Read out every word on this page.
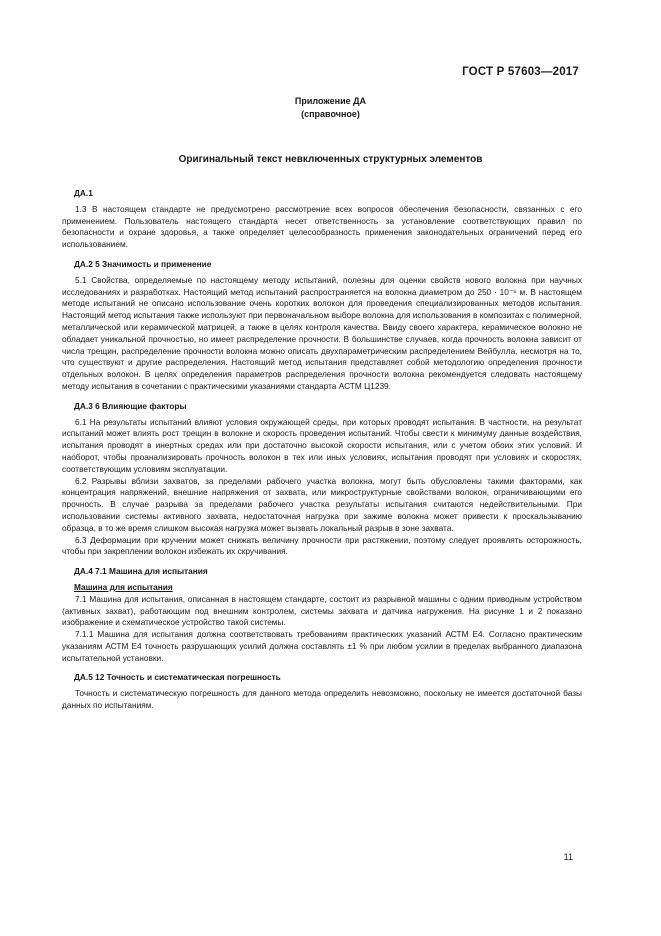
ГОСТ Р 57603—2017
Приложение ДА
(справочное)
Оригинальный текст невключенных структурных элементов
ДА.1

1.3 В настоящем стандарте не предусмотрено рассмотрение всех вопросов обеспечения безопасности, связанных с его применением. Пользователь настоящего стандарта несет ответственность за установление соответствующих правил по безопасности и охране здоровья, а также определяет целесообразность применения законодательных ограничений перед его использованием.

ДА.2 5 Значимость и применение

5.1 Свойства, определяемые по настоящему методу испытаний, полезны для оценки свойств нового волокна при научных исследованиях и разработках. Настоящий метод испытаний распространяется на волокна диаметром до 250 · 10⁻⁶ м. В настоящем методе испытаний не описано использование очень коротких волокон для проведения специализированных методов испытания. Настоящий метод испытания также используют при первоначальном выборе волокна для использования в композитах с полимерной, металлической или керамической матрицей, а также в целях контроля качества. Ввиду своего характера, керамическое волокно не обладает уникальной прочностью, но имеет распределение прочности. В большинстве случаев, когда прочность волокна зависит от числа трещин, распределение прочности волокна можно описать двухпараметрическим распределением Вейбулла, несмотря на то, что существуют и другие распределения. Настоящий метод испытания представляет собой методологию определения прочности отдельных волокон. В целях определения параметров распределения прочности волокна рекомендуется следовать настоящему методу испытания в сочетании с практическими указаниями стандарта АСТМ Ц1239.

ДА.3 6 Влияющие факторы

6.1 На результаты испытаний влияют условия окружающей среды, при которых проводят испытания. В частности, на результат испытаний может влиять рост трещин в волокне и скорость проведения испытаний. Чтобы свести к минимуму данные воздействия, испытания проводят в инертных средах или при достаточно высокой скорости испытания, или с учетом обоих этих условий. И наоборот, чтобы проанализировать прочность волокон в тех или иных условиях, испытания проводят при условиях и скоростях, соответствующим условиям эксплуатации.

6.2 Разрывы вблизи захватов, за пределами рабочего участка волокна, могут быть обусловлены такими факторами, как концентрация напряжений, внешние напряжения от захвата, или микроструктурные свойствами волокон, ограничивающими его прочность. В случае разрыва за пределами рабочего участка результаты испытания считаются недействительными. При использовании системы активного захвата, недостаточная нагрузка при зажиме волокна может привести к проскальзыванию образца, в то же время слишком высокая нагрузка может вызвать локальный разрыв в зоне захвата.

6.3 Деформации при кручении может снижать величину прочности при растяжении, поэтому следует проявлять осторожность, чтобы при закреплении волокон избежать их скручивания.

ДА.4 7.1 Машина для испытания
Машина для испытания

7.1 Машина для испытания, описанная в настоящем стандарте, состоит из разрывной машины с одним приводным устройством (активных захват), работающим под внешним контролем, системы захвата и датчика нагружения. На рисунке 1 и 2 показано изображение и схематическое устройство такой системы.

7.1.1 Машина для испытания должна соответствовать требованиям практических указаний АСТМ Е4. Согласно практическим указаниям АСТМ Е4 точность разрушающих усилий должна составлять ±1 % при любом усилии в пределах выбранного диапазона испытательной установки.

ДА.5 12 Точность и систематическая погрешность

Точность и систематическую погрешность для данного метода определить невозможно, поскольку не имеется достаточной базы данных по испытаниям.

11
